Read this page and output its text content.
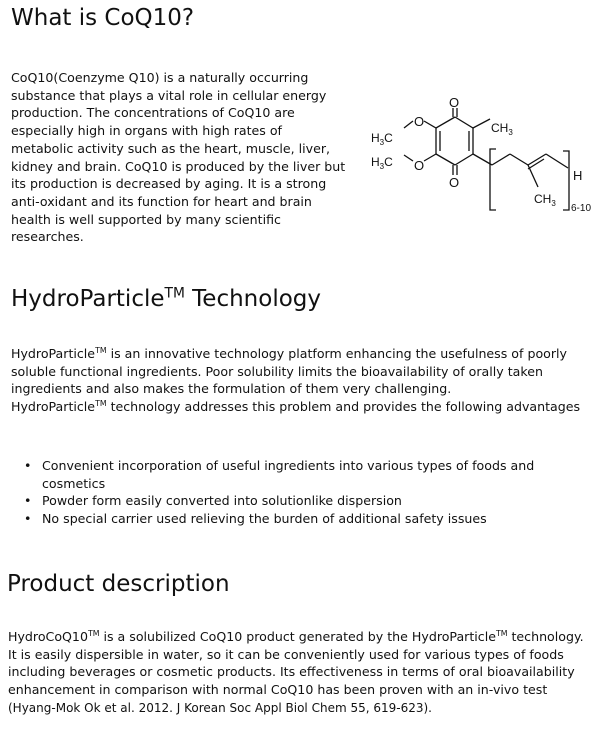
What is CoQ10?

CoQ10(Coenzyme Q10) is a naturally occurring substance that plays a vital role in cellular energy production. The concentrations of CoQ10 are especially high in organs with high rates of metabolic activity such as the heart, muscle, liver, kidney and brain. CoQ10 is produced by the liver but its production is decreased by aging. It is a strong anti-oxidant and its function for heart and brain health is well supported by many scientific researches.

O
O
O
O
$H_3C$
$H_3C$
$CH_3$
$CH_3$
H
6-10
HydroParticle™ Technology

HydroParticle™ is an innovative technology platform enhancing the usefulness of poorly soluble functional ingredients. Poor solubility limits the bioavailability of orally taken ingredients and also makes the formulation of them very challenging.
HydroParticle™ technology addresses this problem and provides the following advantages

• Convenient incorporation of useful ingredients into various types of foods and cosmetics
• Powder form easily converted into solutionlike dispersion
• No special carrier used relieving the burden of additional safety issues
Product description

HydroCoQ10™ is a solubilized CoQ10 product generated by the HydroParticle™ technology. It is easily dispersible in water, so it can be conveniently used for various types of foods including beverages or cosmetic products. Its effectiveness in terms of oral bioavailability enhancement in comparison with normal CoQ10 has been proven with an in-vivo test (Hyang-Mok Ok et al. 2012. J Korean Soc Appl Biol Chem 55, 619-623).
